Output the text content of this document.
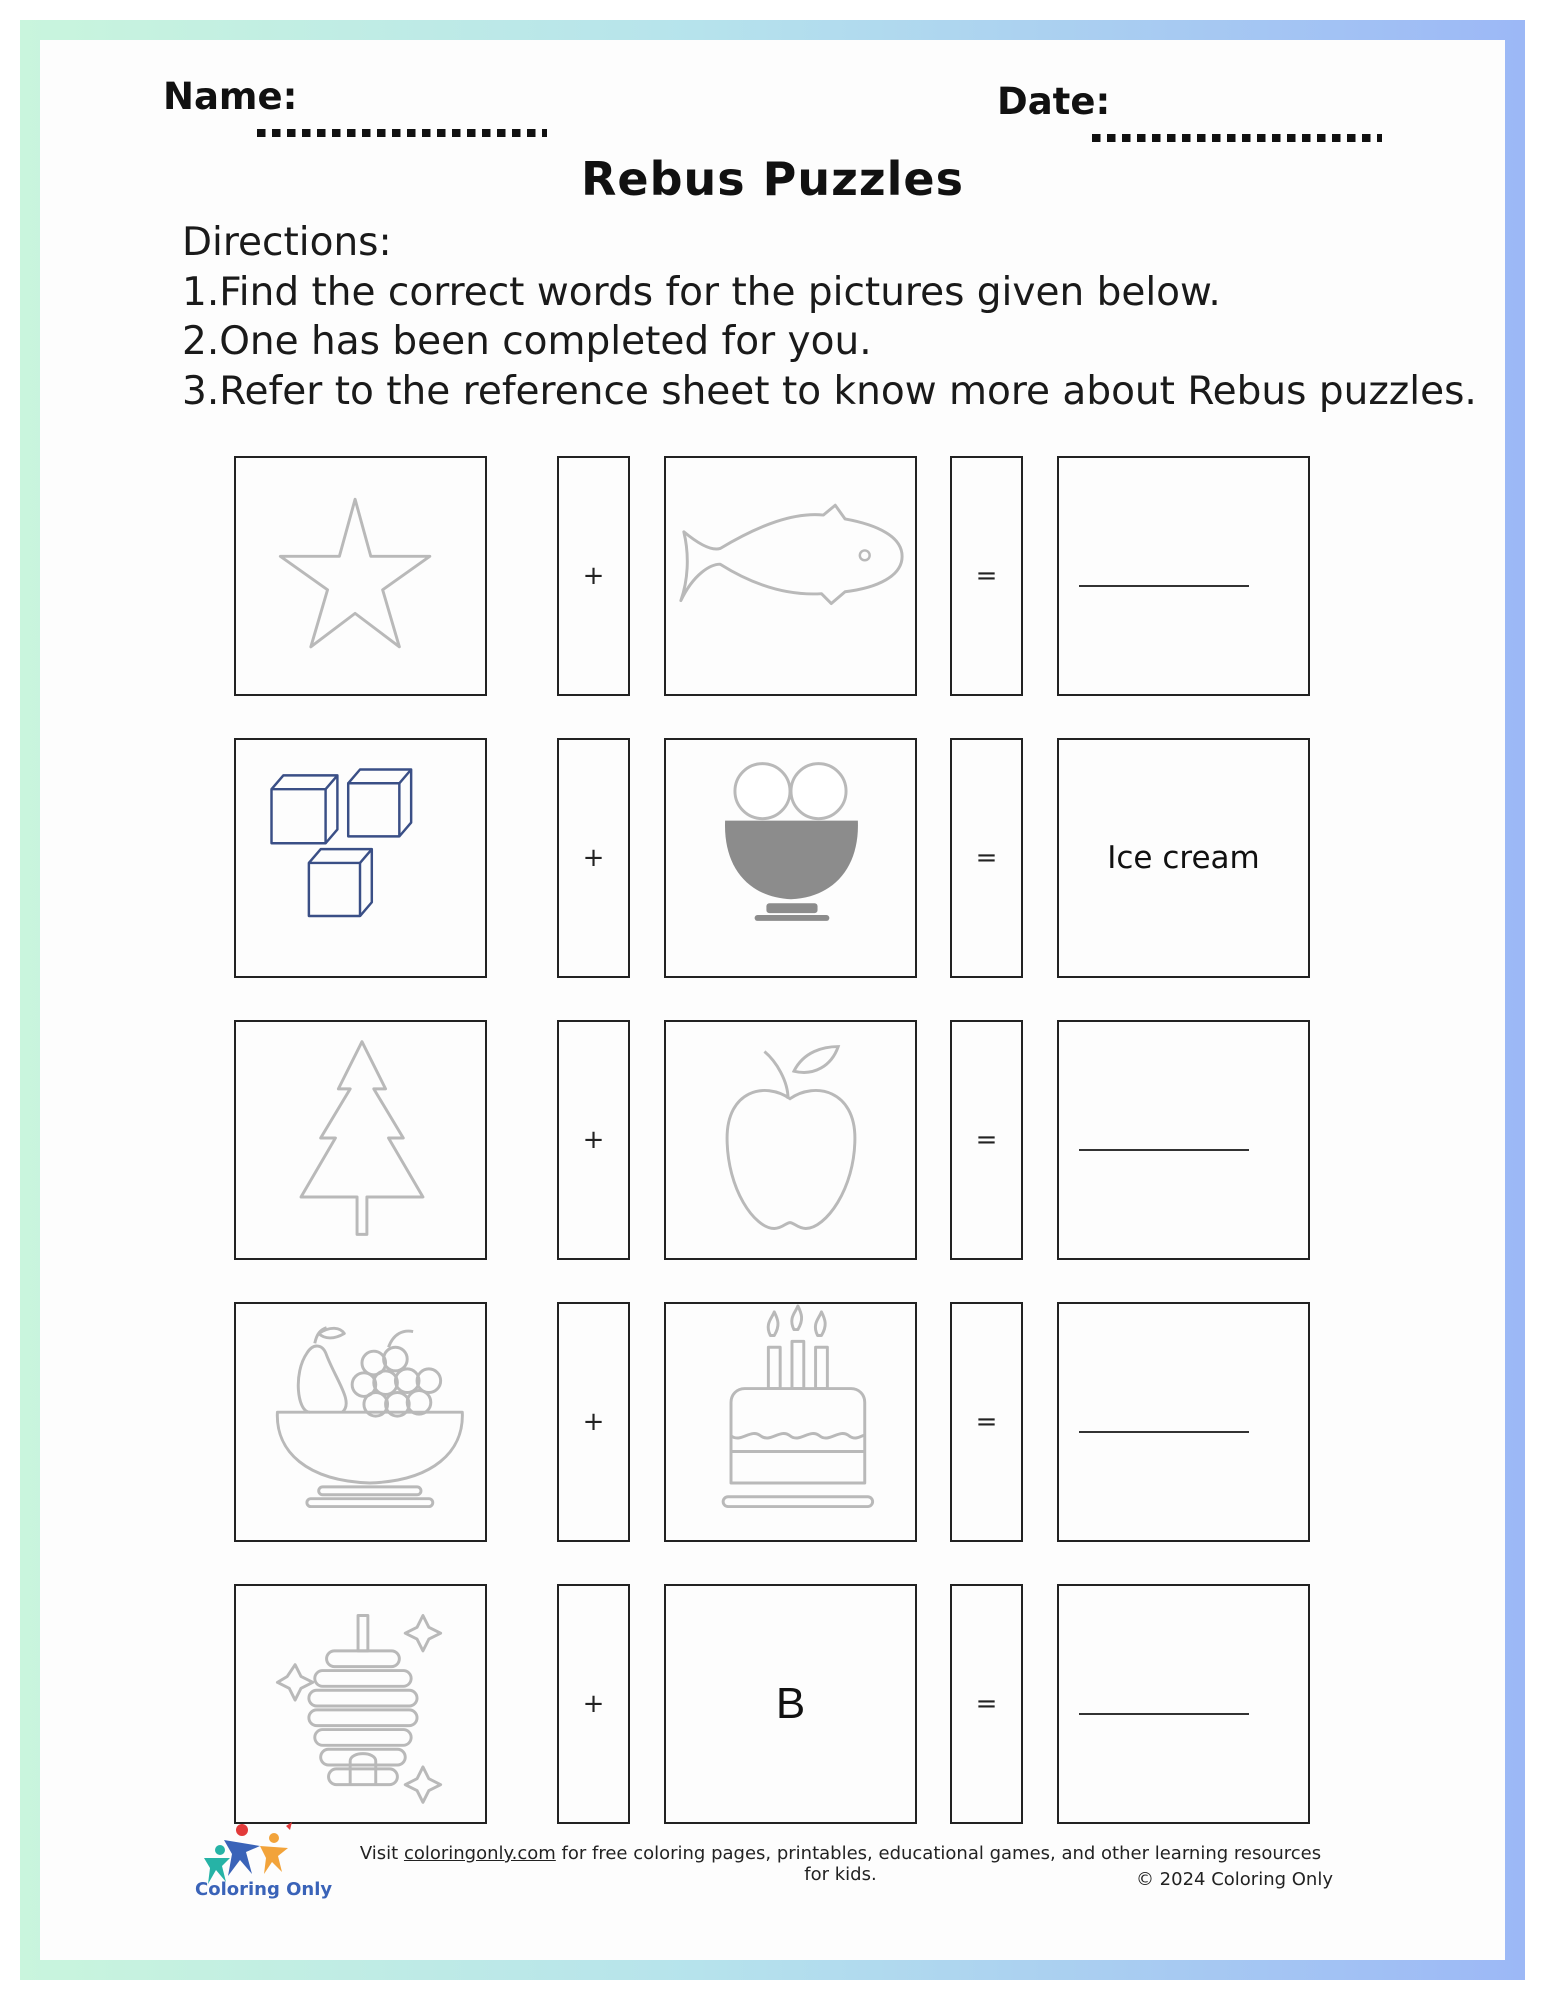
Name:	Date:
Rebus Puzzles
Directions:
1.Find the correct words for the pictures given below.
2.One has been completed for you.
3.Refer to the reference sheet to know more about Rebus puzzles.
+	=
+	=	Ice cream
+	=
+	=
+	B	=
Coloring Only
Visit coloringonly.com for free coloring pages, printables, educational games, and other learning resources for kids.	© 2024 Coloring Only
